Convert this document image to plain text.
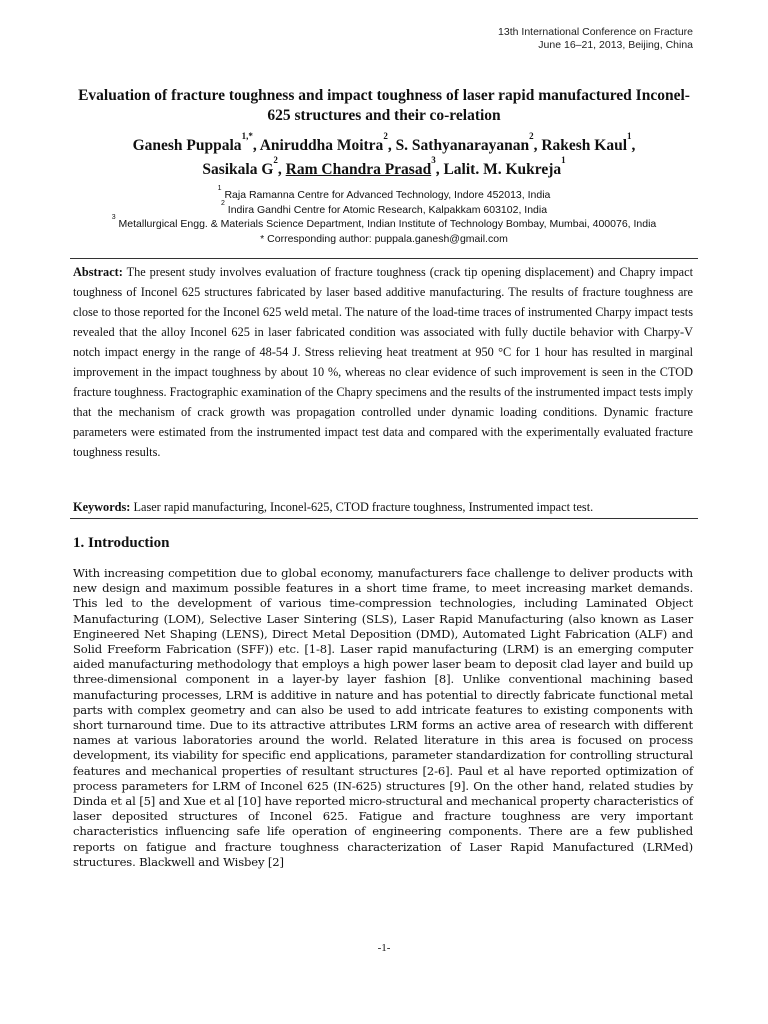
13th International Conference on Fracture
June 16–21, 2013, Beijing, China
Evaluation of fracture toughness and impact toughness of laser rapid manufactured Inconel-625 structures and their co-relation
Ganesh Puppala$^{1,*}$, Aniruddha Moitra$^2$, S. Sathyanarayanan$^2$, Rakesh Kaul$^1$,
Sasikala $G^2$, Ram Chandra Prasad$^3$, Lalit. M. Kukreja$^1$
$^1$ Raja Ramanna Centre for Advanced Technology, Indore 452013, India
$^2$ Indira Gandhi Centre for Atomic Research, Kalpakkam 603102, India
$^3$ Metallurgical Engg. & Materials Science Department, Indian Institute of Technology Bombay, Mumbai, 400076, India
* Corresponding author: puppala.ganesh@gmail.com
Abstract: The present study involves evaluation of fracture toughness (crack tip opening displacement) and Chapry impact toughness of Inconel 625 structures fabricated by laser based additive manufacturing. The results of fracture toughness are close to those reported for the Inconel 625 weld metal. The nature of the load-time traces of instrumented Charpy impact tests revealed that the alloy Inconel 625 in laser fabricated condition was associated with fully ductile behavior with Charpy-V notch impact energy in the range of 48-54 J. Stress relieving heat treatment at 950 °C for 1 hour has resulted in marginal improvement in the impact toughness by about 10 %, whereas no clear evidence of such improvement is seen in the CTOD fracture toughness. Fractographic examination of the Chapry specimens and the results of the instrumented impact tests imply that the mechanism of crack growth was propagation controlled under dynamic loading conditions. Dynamic fracture parameters were estimated from the instrumented impact test data and compared with the experimentally evaluated fracture toughness results.
Keywords: Laser rapid manufacturing, Inconel-625, CTOD fracture toughness, Instrumented impact test.
1. Introduction
With increasing competition due to global economy, manufacturers face challenge to deliver products with new design and maximum possible features in a short time frame, to meet increasing market demands. This led to the development of various time-compression technologies, including Laminated Object Manufacturing (LOM), Selective Laser Sintering (SLS), Laser Rapid Manufacturing (also known as Laser Engineered Net Shaping (LENS), Direct Metal Deposition (DMD), Automated Light Fabrication (ALF) and Solid Freeform Fabrication (SFF)) etc. [1-8]. Laser rapid manufacturing (LRM) is an emerging computer aided manufacturing methodology that employs a high power laser beam to deposit clad layer and build up three-dimensional component in a layer-by layer fashion [8]. Unlike conventional machining based manufacturing processes, LRM is additive in nature and has potential to directly fabricate functional metal parts with complex geometry and can also be used to add intricate features to existing components with short turnaround time. Due to its attractive attributes LRM forms an active area of research with different names at various laboratories around the world. Related literature in this area is focused on process development, its viability for specific end applications, parameter standardization for controlling structural features and mechanical properties of resultant structures [2-6]. Paul et al have reported optimization of process parameters for LRM of Inconel 625 (IN-625) structures [9]. On the other hand, related studies by Dinda et al [5] and Xue et al [10] have reported micro-structural and mechanical property characteristics of laser deposited structures of Inconel 625. Fatigue and fracture toughness are very important characteristics influencing safe life operation of engineering components. There are a few published reports on fatigue and fracture toughness characterization of Laser Rapid Manufactured (LRMed) structures. Blackwell and Wisbey [2]
-1-
